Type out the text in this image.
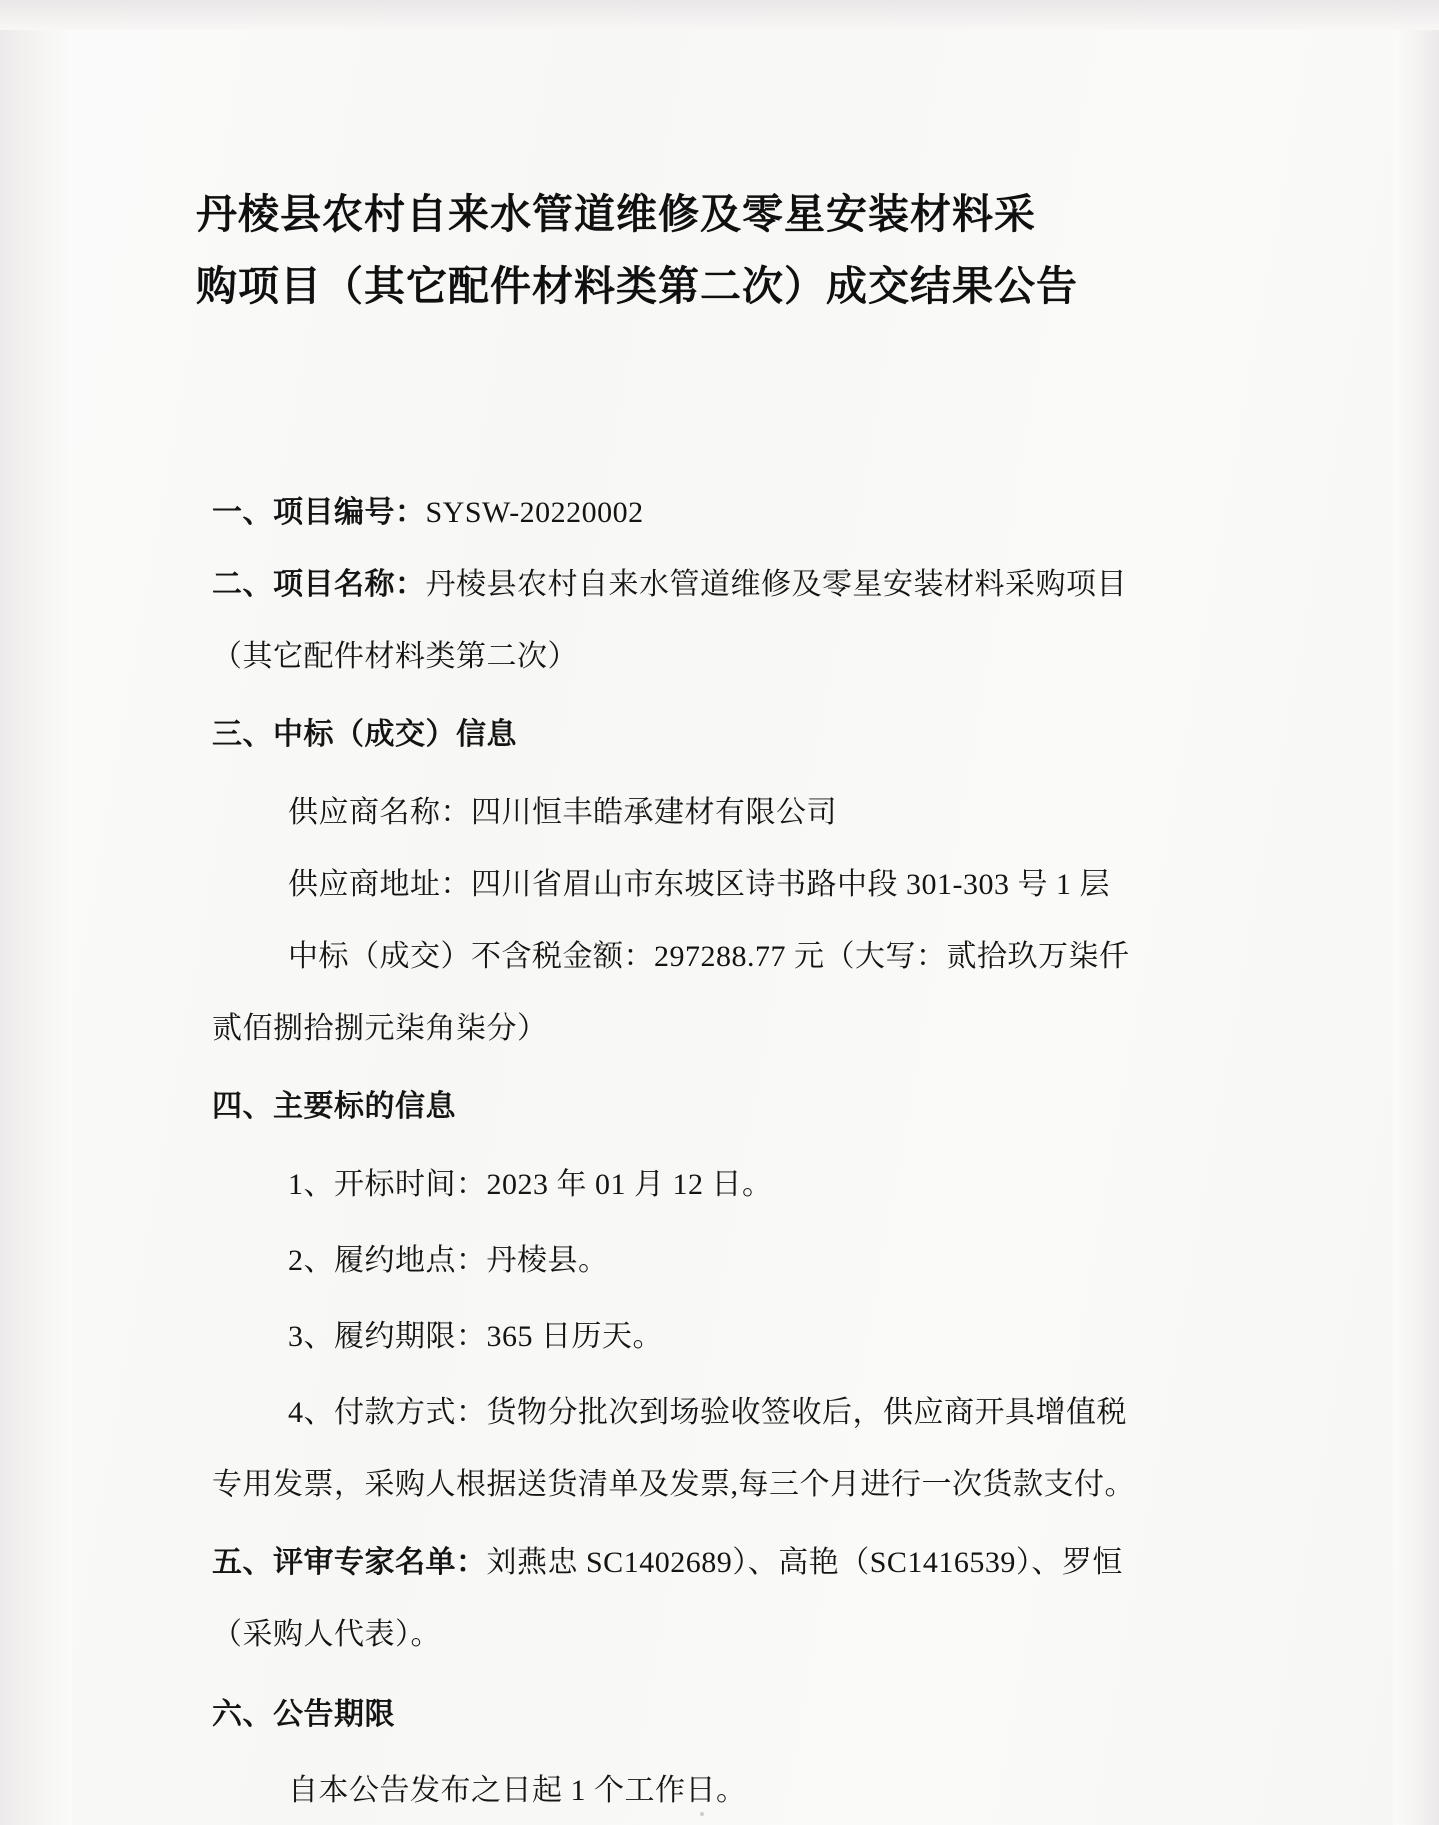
丹棱县农村自来水管道维修及零星安装材料采
购项目（其它配件材料类第二次）成交结果公告
一、项目编号：SYSW-20220002
二、项目名称：丹棱县农村自来水管道维修及零星安装材料采购项目
（其它配件材料类第二次）
三、中标（成交）信息
供应商名称：四川恒丰皓承建材有限公司
供应商地址：四川省眉山市东坡区诗书路中段 301-303 号 1 层
中标（成交）不含税金额：297288.77 元（大写：贰拾玖万柒仟
贰佰捌拾捌元柒角柒分）
四、主要标的信息
1、开标时间：2023 年 01 月 12 日。
2、履约地点：丹棱县。
3、履约期限：365 日历天。
4、付款方式：货物分批次到场验收签收后，供应商开具增值税
专用发票，采购人根据送货清单及发票,每三个月进行一次货款支付。
五、评审专家名单：刘燕忠 SC1402689）、高艳（SC1416539）、罗恒
（采购人代表）。
六、公告期限
自本公告发布之日起 1 个工作日。
